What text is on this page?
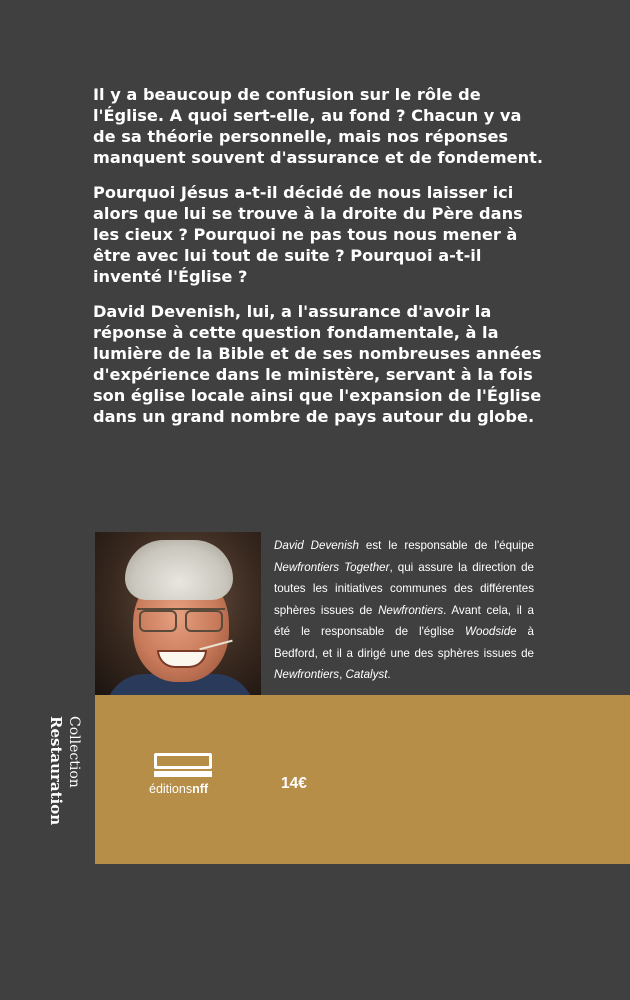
Il y a beaucoup de confusion sur le rôle de l'Église. A quoi sert-elle, au fond ? Chacun y va de sa théorie personnelle, mais nos réponses manquent souvent d'assurance et de fondement.

Pourquoi Jésus a-t-il décidé de nous laisser ici alors que lui se trouve à la droite du Père dans les cieux ? Pourquoi ne pas tous nous mener à être avec lui tout de suite ? Pourquoi a-t-il inventé l'Église ?

David Devenish, lui, a l'assurance d'avoir la réponse à cette question fondamentale, à la lumière de la Bible et de ses nombreuses années d'expérience dans le ministère, servant à la fois son église locale ainsi que l'expansion de l'Église dans un grand nombre de pays autour du globe.

David Devenish est le responsable de l'équipe Newfrontiers Together, qui assure la direction de toutes les initiatives communes des différentes sphères issues de Newfrontiers. Avant cela, il a été le responsable de l'église Woodside à Bedford, et il a dirigé une des sphères issues de Newfrontiers, Catalyst.
éditionsnff	14€
Collection
Restauration
